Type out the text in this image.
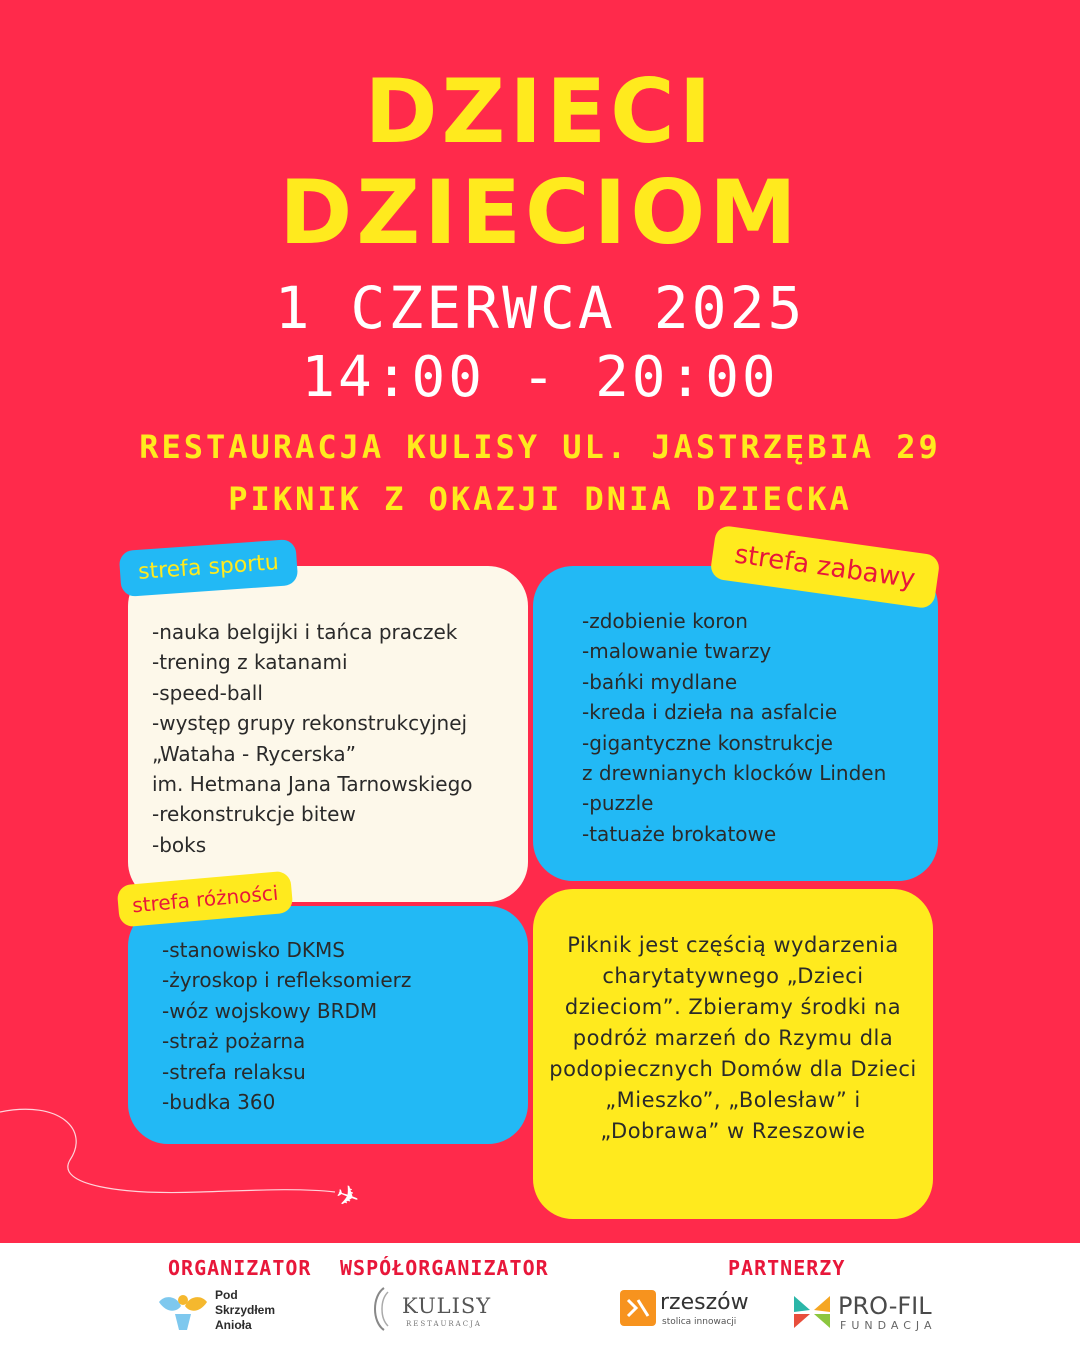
DZIECI
DZIECIOM
1 CZERWCA 2025
14:00 - 20:00
RESTAURACJA KULISY UL. JASTRZĘBIA 29
PIKNIK Z OKAZJI DNIA DZIECKA
-nauka belgijki i tańca praczek
-trening z katanami
-speed-ball
-występ grupy rekonstrukcyjnej
„Wataha - Rycerska”
im. Hetmana Jana Tarnowskiego
-rekonstrukcje bitew
-boks
-zdobienie koron
-malowanie twarzy
-bańki mydlane
-kreda i dzieła na asfalcie
-gigantyczne konstrukcje
z drewnianych klocków Linden
-puzzle
-tatuaże brokatowe
-stanowisko DKMS
-żyroskop i refleksomierz
-wóz wojskowy BRDM
-straż pożarna
-strefa relaksu
-budka 360

Piknik jest częścią wydarzenia charytatywnego „Dzieci dzieciom”. Zbieramy środki na podróż marzeń do Rzymu dla podopiecznych Domów dla Dzieci „Mieszko”, „Bolesław” i „Dobrawa” w Rzeszowie

strefa sportu	strefa zabawy
strefa różności
✈
ORGANIZATOR WSPÓŁORGANIZATOR	PARTNERZY
Pod Skrzydłem Anioła
KULISY
RESTAURACJA
rzeszów
stolica innowacji
PRO-FIL
FUNDACJA
